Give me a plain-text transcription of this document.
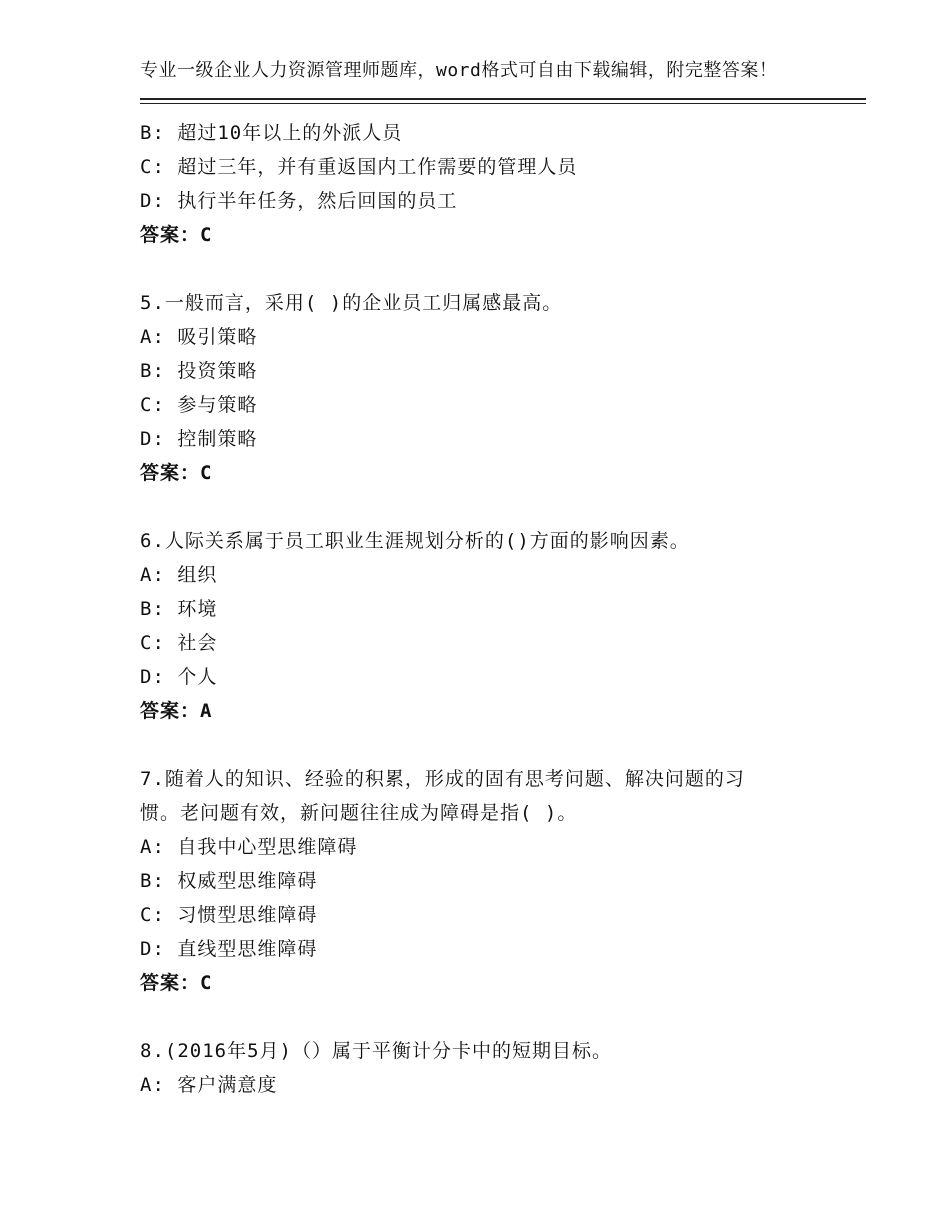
专业一级企业人力资源管理师题库，word格式可自由下载编辑，附完整答案！
B: 超过10年以上的外派人员
C: 超过三年，并有重返国内工作需要的管理人员
D: 执行半年任务，然后回国的员工
答案：C
5.一般而言，采用( )的企业员工归属感最高。
A: 吸引策略
B: 投资策略
C: 参与策略
D: 控制策略
答案：C
6.人际关系属于员工职业生涯规划分析的()方面的影响因素。
A: 组织
B: 环境
C: 社会
D: 个人
答案：A
7.随着人的知识、经验的积累，形成的固有思考问题、解决问题的习
惯。老问题有效，新问题往往成为障碍是指( )。
A: 自我中心型思维障碍
B: 权威型思维障碍
C: 习惯型思维障碍
D: 直线型思维障碍
答案：C
8.(2016年5月)（）属于平衡计分卡中的短期目标。
A: 客户满意度
